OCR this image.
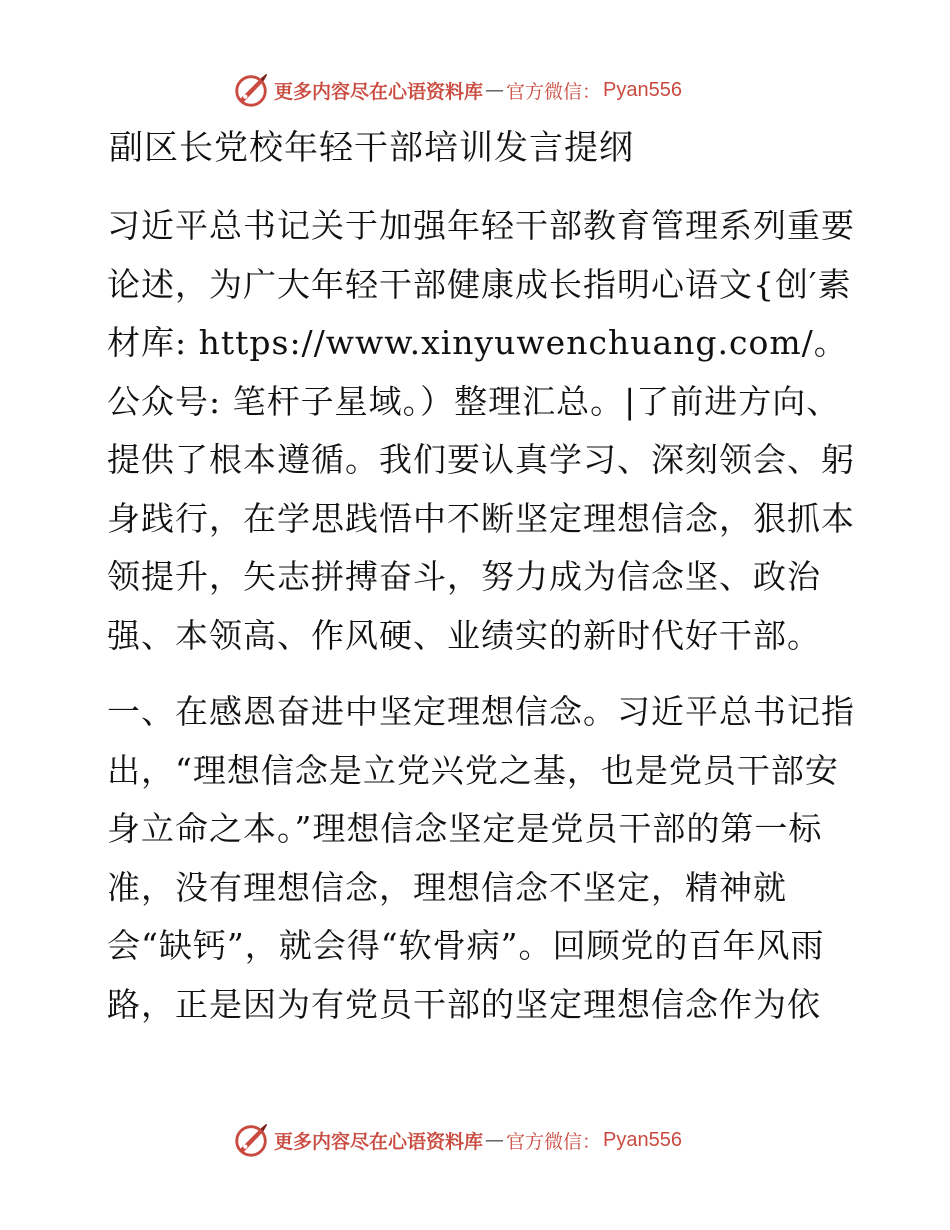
更多内容尽在心语资料库 — 官方微信： Pyan556
副区长党校年轻干部培训发言提纲

习近平总书记关于加强年轻干部教育管理系列重要论述，为广大年轻干部健康成长指明心语文{创′素材库: https://www.xinyuwenchuang.com/。公众号: 笔杆子星域。）整理汇总。|了前进方向、提供了根本遵循。我们要认真学习、深刻领会、躬身践行，在学思践悟中不断坚定理想信念，狠抓本领提升，矢志拼搏奋斗，努力成为信念坚、政治强、本领高、作风硬、业绩实的新时代好干部。

一、在感恩奋进中坚定理想信念。习近平总书记指出，“理想信念是立党兴党之基，也是党员干部安身立命之本。”理想信念坚定是党员干部的第一标准，没有理想信念，理想信念不坚定，精神就会“缺钙”，就会得“软骨病”。回顾党的百年风雨路，正是因为有党员干部的坚定理想信念作为依

更多内容尽在心语资料库 — 官方微信： Pyan556
